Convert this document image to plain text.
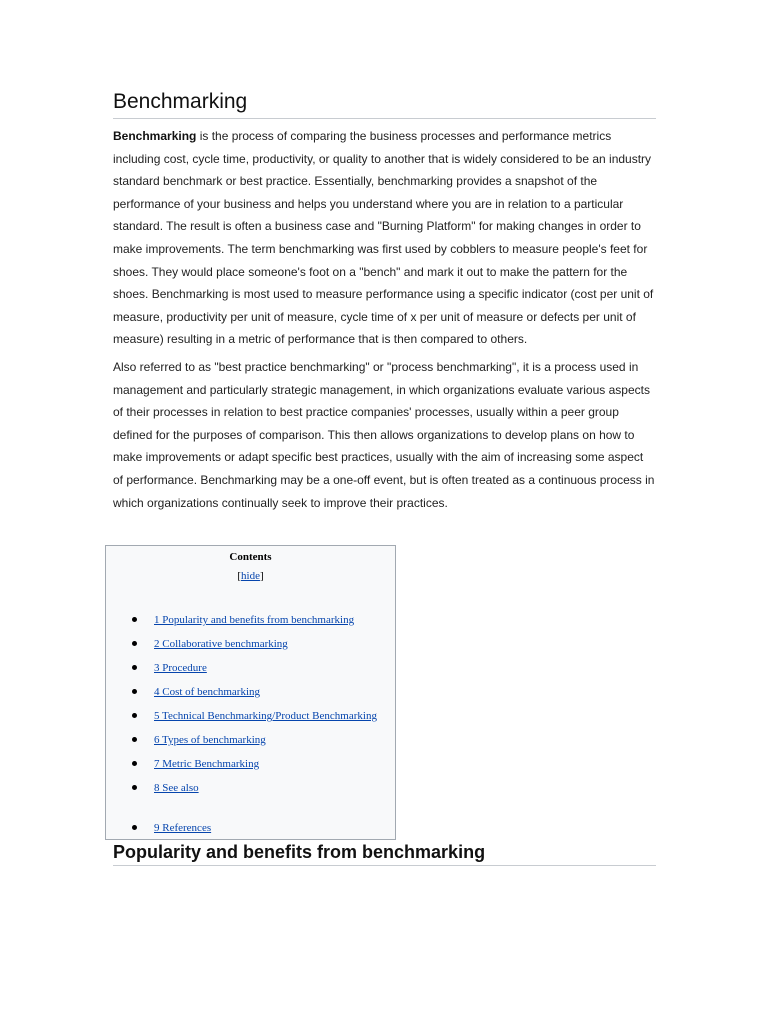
Benchmarking

Benchmarking is the process of comparing the business processes and performance metrics including cost, cycle time, productivity, or quality to another that is widely considered to be an industry standard benchmark or best practice. Essentially, benchmarking provides a snapshot of the performance of your business and helps you understand where you are in relation to a particular standard. The result is often a business case and "Burning Platform" for making changes in order to make improvements. The term benchmarking was first used by cobblers to measure people's feet for shoes. They would place someone's foot on a "bench" and mark it out to make the pattern for the shoes. Benchmarking is most used to measure performance using a specific indicator (cost per unit of measure, productivity per unit of measure, cycle time of x per unit of measure or defects per unit of measure) resulting in a metric of performance that is then compared to others.

Also referred to as "best practice benchmarking" or "process benchmarking", it is a process used in management and particularly strategic management, in which organizations evaluate various aspects of their processes in relation to best practice companies' processes, usually within a peer group defined for the purposes of comparison. This then allows organizations to develop plans on how to make improvements or adapt specific best practices, usually with the aim of increasing some aspect of performance. Benchmarking may be a one-off event, but is often treated as a continuous process in which organizations continually seek to improve their practices.

Contents
[hide]
1 Popularity and benefits from benchmarking
2 Collaborative benchmarking
3 Procedure
4 Cost of benchmarking
5 Technical Benchmarking/Product Benchmarking
6 Types of benchmarking
7 Metric Benchmarking
8 See also
9 References
Popularity and benefits from benchmarking
